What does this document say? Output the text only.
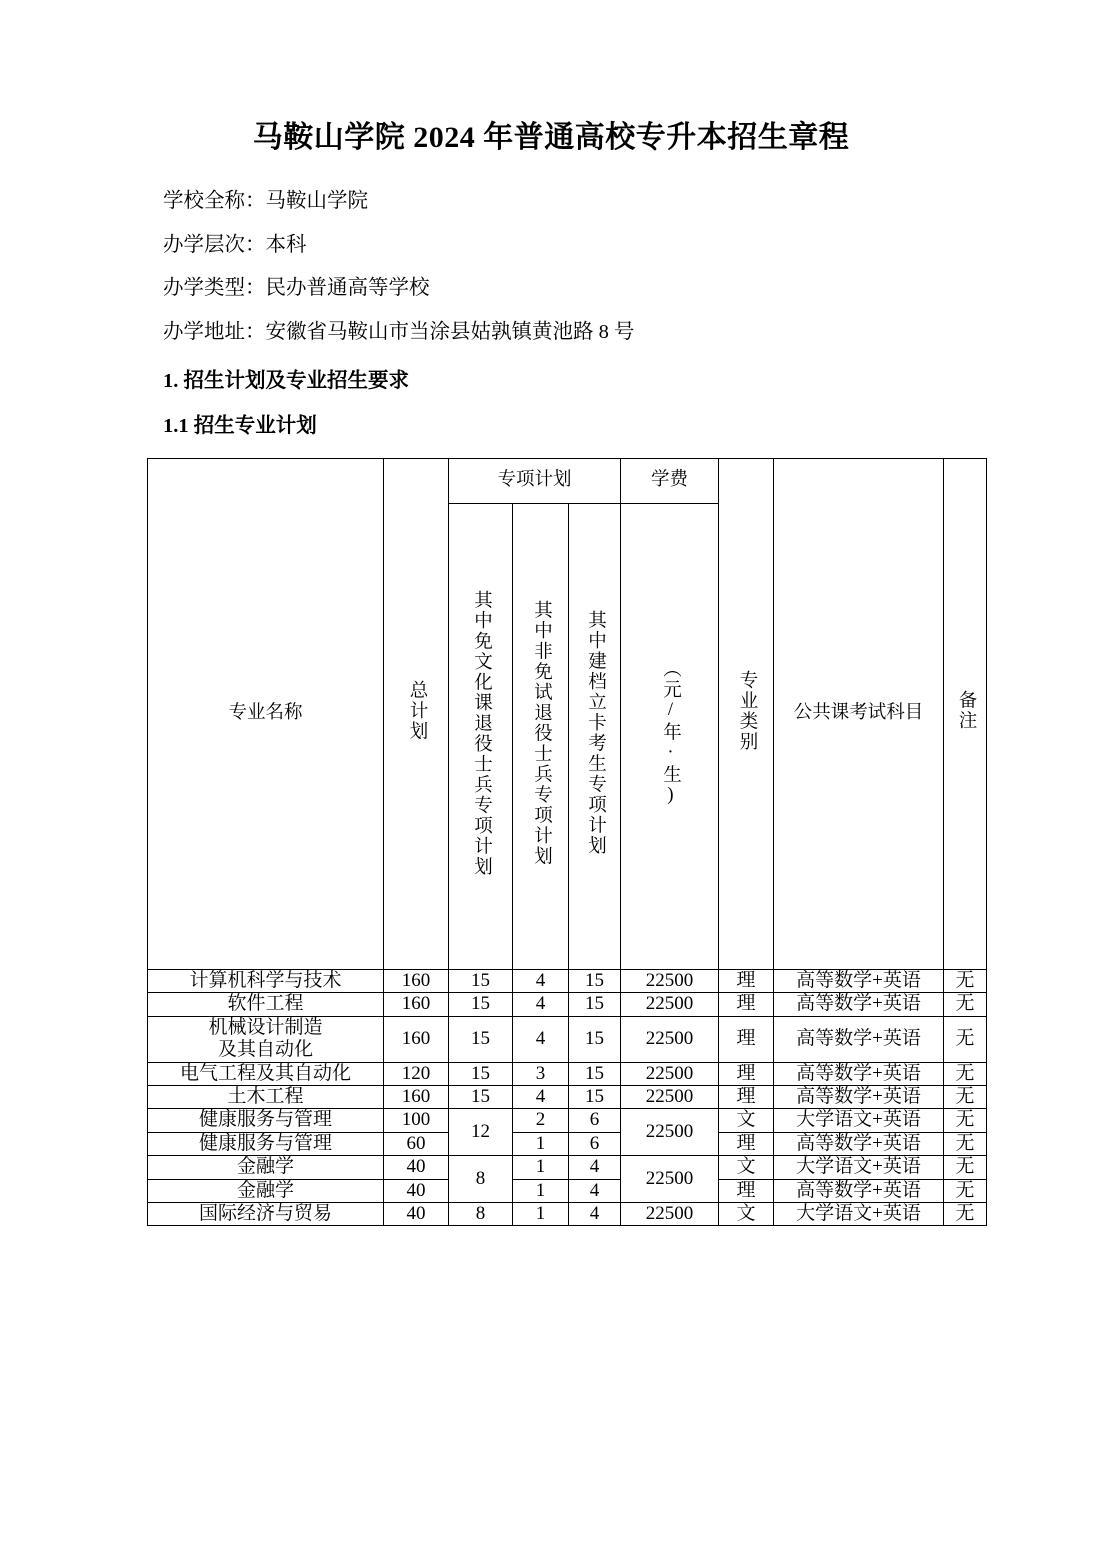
马鞍山学院 2024 年普通高校专升本招生章程

学校全称：马鞍山学院

办学层次：本科

办学类型：民办普通高等学校

办学地址：安徽省马鞍山市当涂县姑孰镇黄池路 8 号

1. 招生计划及专业招生要求
1.1 招生专业计划
专业名称	总计划	专项计划			学费	专业类别	公共课考试科目	备注
		其中免文化课退役士兵专项计划	其中非免试退役士兵专项计划	其中建档立卡考生专项计划	（元/年·生)			
计算机科学与技术	160	15	4	15	22500	理	高等数学+英语	无
软件工程	160	15	4	15	22500	理	高等数学+英语	无

机械设计制造
及其自动化	160	15	4	15	22500	理	高等数学+英语	无
电气工程及其自动化	120	15	3	15	22500	理	高等数学+英语	无
土木工程	160	15	4	15	22500	理	高等数学+英语	无
健康服务与管理	100	12	2	6	22500	文	大学语文+英语	无
健康服务与管理	60		1	6		理	高等数学+英语	无
金融学	40	8	1	4	22500	文	大学语文+英语	无
金融学	40		1	4		理	高等数学+英语	无
国际经济与贸易	40	8	1	4	22500	文	大学语文+英语	无
